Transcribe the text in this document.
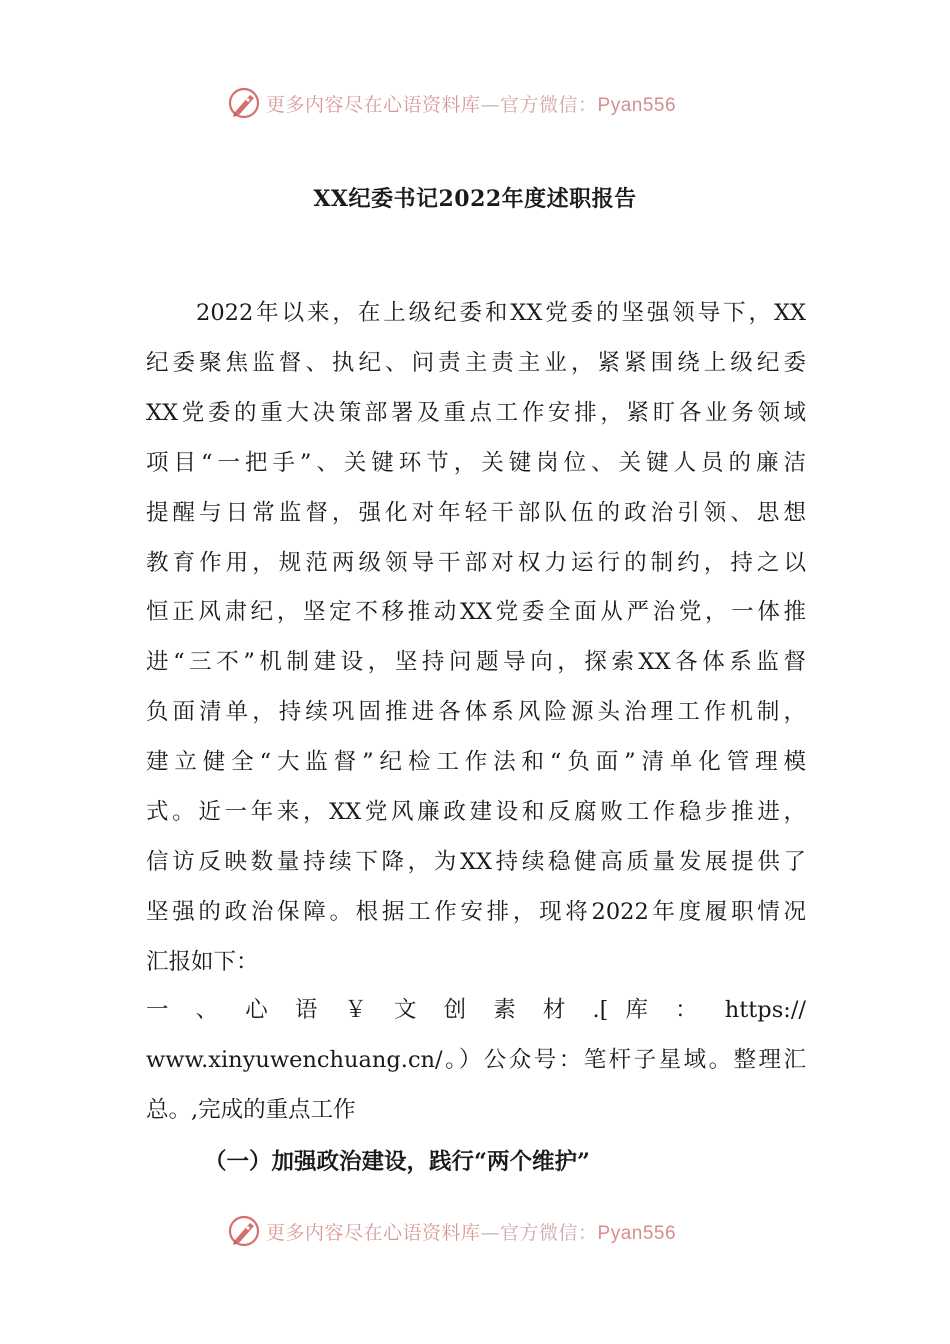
更多内容尽在心语资料库—官方微信：Pyan556
XX纪委书记2022年度述职报告
2022年以来，在上级纪委和XX党委的坚强领导下，XX
纪委聚焦监督、执纪、问责主责主业，紧紧围绕上级纪委
XX党委的重大决策部署及重点工作安排，紧盯各业务领域
项目“一把手”、关键环节，关键岗位、关键人员的廉洁
提醒与日常监督，强化对年轻干部队伍的政治引领、思想
教育作用，规范两级领导干部对权力运行的制约，持之以
恒正风肃纪，坚定不移推动XX党委全面从严治党，一体推
进“三不”机制建设，坚持问题导向，探索XX各体系监督
负面清单，持续巩固推进各体系风险源头治理工作机制，
建立健全“大监督”纪检工作法和“负面”清单化管理模
式。近一年来，XX党风廉政建设和反腐败工作稳步推进，
信访反映数量持续下降，为XX持续稳健高质量发展提供了
坚强的政治保障。根据工作安排，现将2022年度履职情况
汇报如下：
一 、 心 语 ￥ 文 创 素 材 .[ 库 ： https://
www.xinyuwenchuang.cn/。）公众号：笔杆子星域。整理汇
总。,完成的重点工作
（一）加强政治建设，践行“两个维护”
更多内容尽在心语资料库—官方微信：Pyan556
